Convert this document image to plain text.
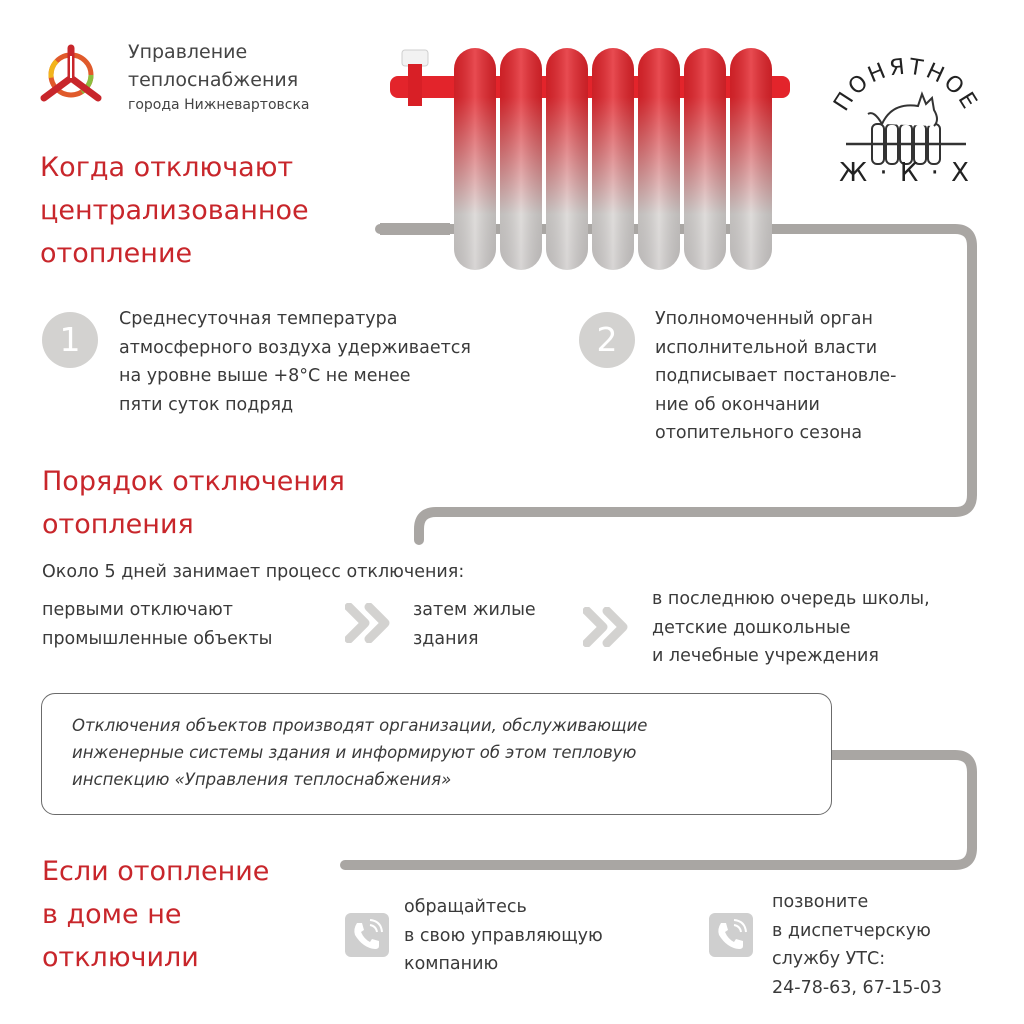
Управление
теплоснабжения
города Нижневартовска	ПОНЯТНОЕ
Ж · К · Х
Когда отключают
централизованное
отопление
1
Среднесуточная температура
атмосферного воздуха удерживается
на уровне выше +8°С не менее
пяти суток подряд
2
Уполномоченный орган
исполнительной власти
подписывает постановле-
ние об окончании
отопительного сезона
Порядок отключения
отопления
Около 5 дней занимает процесс отключения:
первыми отключают
промышленные объекты
затем жилые
здания
в последнюю очередь школы,
детские дошкольные
и лечебные учреждения
Отключения объектов производят организации, обслуживающие
инженерные системы здания и информируют об этом тепловую
инспекцию «Управления теплоснабжения»
Если отопление
в доме не
отключили
обращайтесь
в свою управляющую
компанию
позвоните
в диспетчерскую
службу УТС:
24-78-63, 67-15-03
